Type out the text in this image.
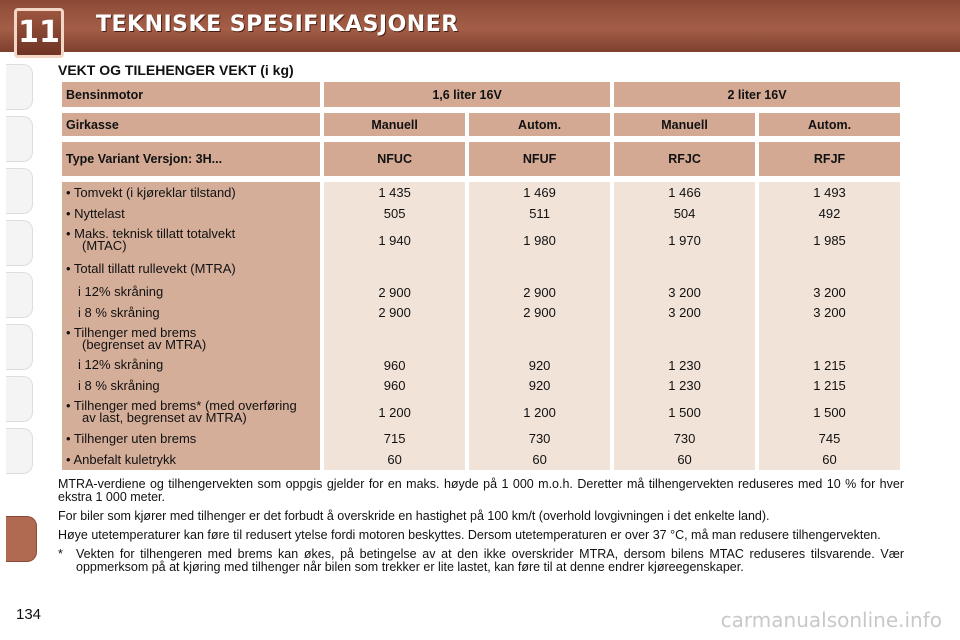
11 TEKNISKE SPESIFIKASJONER
VEKT OG TILEHENGER VEKT (i kg)
Bensinmotor	1,6 liter 16V		2 liter 16V	

Girkasse	Manuell	Autom.	Manuell	Autom.

Type Variant Versjon: 3H...	NFUC	NFUF	RFJC	RFJF

• Tomvekt (i kjøreklar tilstand)	1 435	1 469	1 466	1 493
• Nyttelast	505	511	504	492
• Maks. teknisk tillatt totalvekt
(MTAC)	1 940	1 980	1 970	1 985
• Totall tillatt rullevekt (MTRA)				
i 12% skråning	2 900	2 900	3 200	3 200
i 8 % skråning	2 900	2 900	3 200	3 200
• Tilhenger med brems
(begrenset av MTRA)				
i 12% skråning	960	920	1 230	1 215
i 8 % skråning	960	920	1 230	1 215
• Tilhenger med brems* (med overføring
av last, begrenset av MTRA)	1 200	1 200	1 500	1 500
• Tilhenger uten brems	715	730	730	745
• Anbefalt kuletrykk	60	60	60	60

MTRA-verdiene og tilhengervekten som oppgis gjelder for en maks. høyde på 1 000 m.o.h. Deretter må tilhengervekten reduseres med 10 % for hver ekstra 1 000 meter.

For biler som kjører med tilhenger er det forbudt å overskride en hastighet på 100 km/t (overhold lovgivningen i det enkelte land).

Høye utetemperaturer kan føre til redusert ytelse fordi motoren beskyttes. Dersom utetemperaturen er over 37 °C, må man redusere tilhengervekten.

*	Vekten for tilhengeren med brems kan økes, på betingelse av at den ikke overskrider MTRA, dersom bilens MTAC reduseres tilsvarende. Vær oppmerksom på at kjøring med tilhenger når bilen som trekker er lite lastet, kan føre til at denne endrer kjøreegenskaper.
134	carmanualsonline.info
